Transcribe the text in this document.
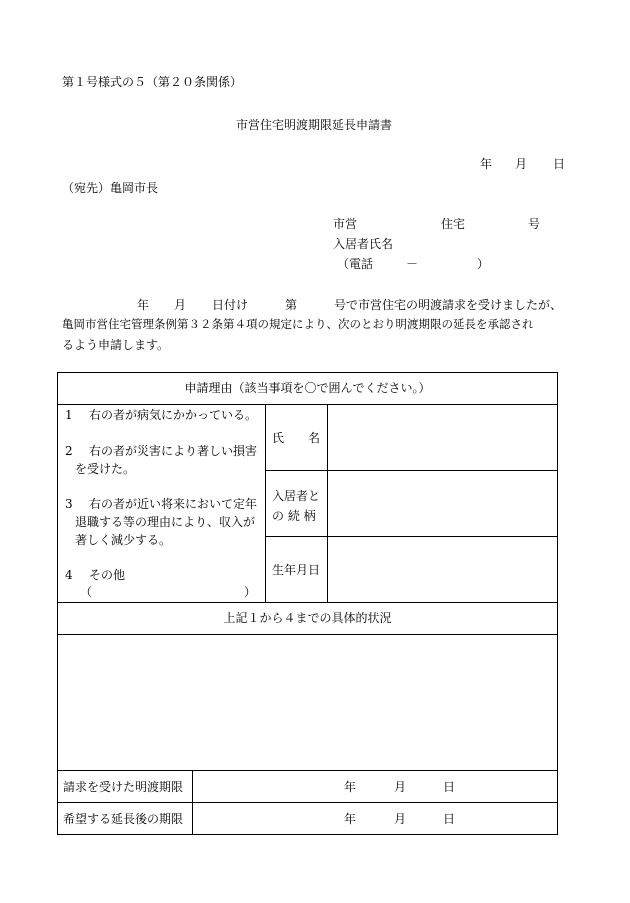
第１号様式の５（第２０条関係）
市営住宅明渡期限延長申請書
年 月 日
（宛先）亀岡市長
市営	住宅	号
入居者氏名
（電話	－	）
年 月 日付け	第	号で市営住宅の明渡請求を受けましたが、
亀岡市営住宅管理条例第３２条第４項の規定により、次のとおり明渡期限の延長を承認され
るよう申請します。
申請理由（該当事項を〇で囲んでください。）
1 右の者が病気にかかっている。
2 右の者が災害により著しい損害
を受けた。
3 右の者が近い将来において定年
退職する等の理由により、収入が
著しく減少する。
4 その他
（	）
氏　　名
入居者と
の 続 柄
生年月日
上記１から４までの具体的状況
請求を受けた明渡期限	年	月	日
希望する延長後の期限	年	月	日
